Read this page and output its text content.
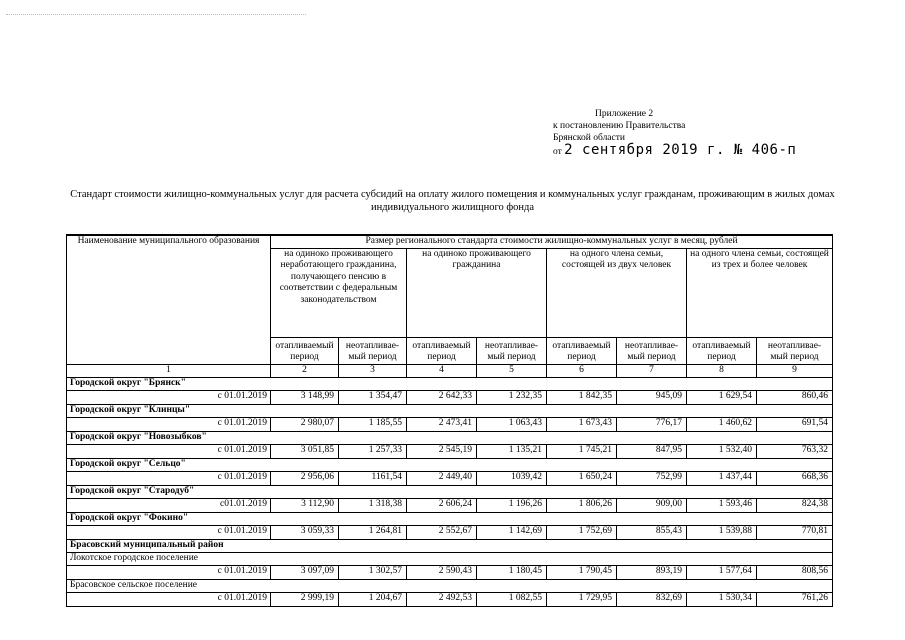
Приложение 2
к постановлению Правительства
Брянской области
от 2 сентября 2019 г. № 406-п
Стандарт стоимости жилищно-коммунальных услуг для расчета субсидий на оплату жилого помещения и коммунальных услуг гражданам, проживающим в жилых домах индивидуального жилищного фонда
Наименование муниципального образования	Размер регионального стандарта стоимости жилищно-коммунальных услуг в месяц, рублей							
	на одиноко проживающего неработающего гражданина, получающего пенсию в соответствии с федеральным законодательством		на одиноко проживающего гражданина		на одного члена семьи, состоящей из двух человек		на одного члена семьи, состоящей из трех и более человек	
	отапливаемый период	неотапливае-мый период	отапливаемый период	неотапливае-мый период	отапливаемый период	неотапливае-мый период	отапливаемый период	неотапливае-мый период
1	2	3	4	5	6	7	8	9
Городской округ "Брянск"								
с 01.01.2019	3 148,99	1 354,47	2 642,33	1 232,35	1 842,35	945,09	1 629,54	860,46
Городской округ "Клинцы"								
с 01.01.2019	2 980,07	1 185,55	2 473,41	1 063,43	1 673,43	776,17	1 460,62	691,54
Городской округ "Новозыбков"								
с 01.01.2019	3 051,85	1 257,33	2 545,19	1 135,21	1 745,21	847,95	1 532,40	763,32
Городской округ "Сельцо"								
с 01.01.2019	2 956,06	1161,54	2 449,40	1039,42	1 650,24	752,99	1 437,44	668,36
Городской округ "Стародуб"								
с01.01.2019	3 112,90	1 318,38	2 606,24	1 196,26	1 806,26	909,00	1 593,46	824,38
Городской округ "Фокино"								
с 01.01.2019	3 059,33	1 264,81	2 552,67	1 142,69	1 752,69	855,43	1 539,88	770,81
Брасовский муниципальный район								
Локотское городское поселение								
с 01.01.2019	3 097,09	1 302,57	2 590,43	1 180,45	1 790,45	893,19	1 577,64	808,56
Брасовское сельское поселение								
с 01.01.2019	2 999,19	1 204,67	2 492,53	1 082,55	1 729,95	832,69	1 530,34	761,26
